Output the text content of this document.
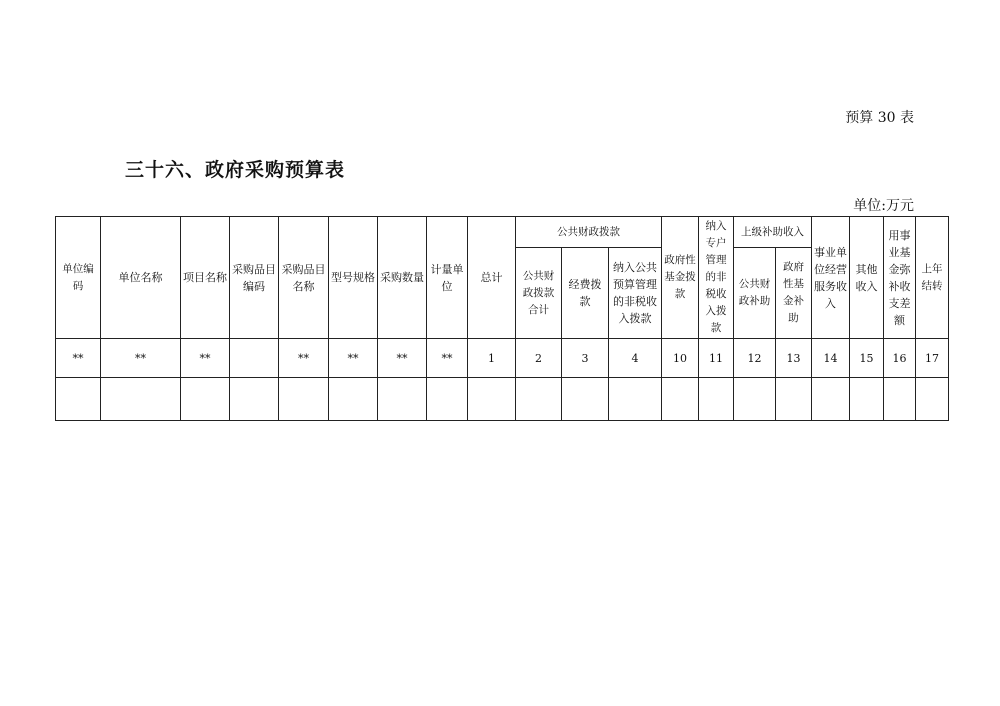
预算 30 表
三十六、政府采购预算表
单位:万元
单位编码	单位名称	项目名称	采购品目编码	采购品目名称	型号规格	采购数量	计量单位	总计	公共财政拨款			政府性基金拨款	纳入专户管理的非税收入拨款	上级补助收入		事业单位经营服务收入	其他收入	用事业基金弥补收支差额	上年结转
									公共财政拨款合计	经费拨款	纳入公共预算管理的非税收入拨款			公共财政补助	政府性基金补助				

**	**	**		**	**	**	**	1	2	3	4	10	11	12	13	14	15	16	17
